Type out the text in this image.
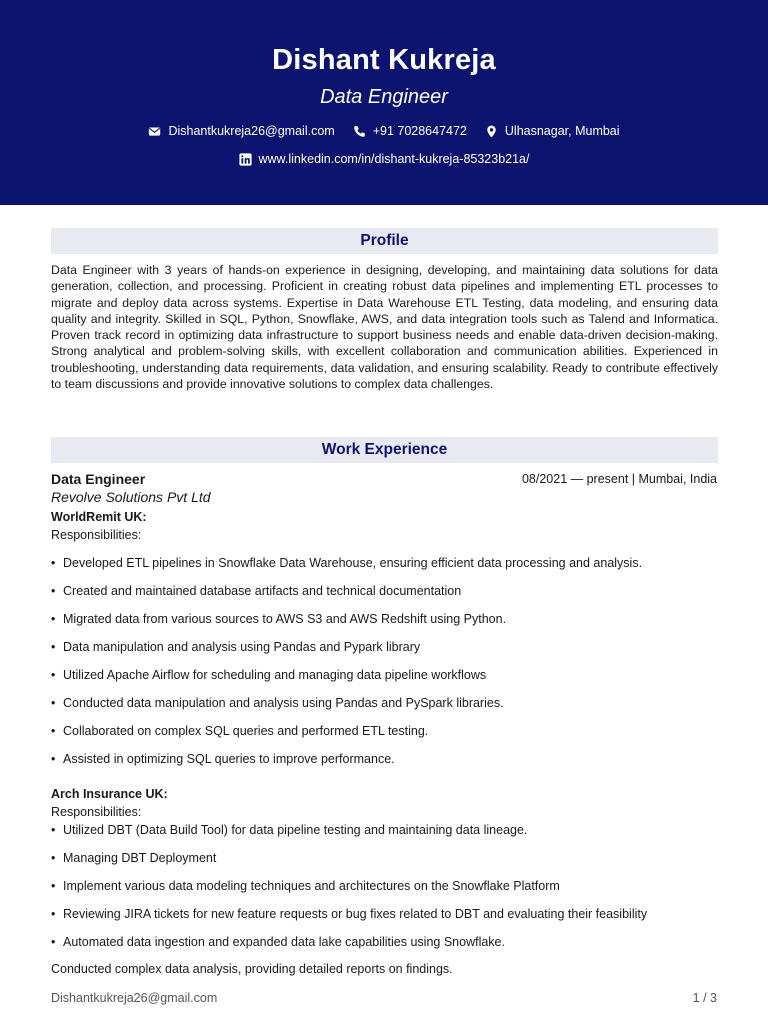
Dishant Kukreja
Data Engineer
Dishantkukreja26@gmail.com	+91 7028647472	Ulhasnagar, Mumbai
www.linkedin.com/in/dishant-kukreja-85323b21a/
Profile
Data Engineer with 3 years of hands-on experience in designing, developing, and maintaining data solutions for data generation, collection, and processing. Proficient in creating robust data pipelines and implementing ETL processes to migrate and deploy data across systems. Expertise in Data Warehouse ETL Testing, data modeling, and ensuring data quality and integrity. Skilled in SQL, Python, Snowflake, AWS, and data integration tools such as Talend and Informatica. Proven track record in optimizing data infrastructure to support business needs and enable data-driven decision-making. Strong analytical and problem-solving skills, with excellent collaboration and communication abilities. Experienced in troubleshooting, understanding data requirements, data validation, and ensuring scalability. Ready to contribute effectively to team discussions and provide innovative solutions to complex data challenges.
Work Experience
Data Engineer	08/2021 — present | Mumbai, India
Revolve Solutions Pvt Ltd
WorldRemit UK:
Responsibilities:
• Developed ETL pipelines in Snowflake Data Warehouse, ensuring efficient data processing and analysis.
• Created and maintained database artifacts and technical documentation
• Migrated data from various sources to AWS S3 and AWS Redshift using Python.
• Data manipulation and analysis using Pandas and Pypark library
• Utilized Apache Airflow for scheduling and managing data pipeline workflows
• Conducted data manipulation and analysis using Pandas and PySpark libraries.
• Collaborated on complex SQL queries and performed ETL testing.
• Assisted in optimizing SQL queries to improve performance.
Arch Insurance UK:
Responsibilities:
• Utilized DBT (Data Build Tool) for data pipeline testing and maintaining data lineage.
• Managing DBT Deployment
• Implement various data modeling techniques and architectures on the Snowflake Platform
• Reviewing JIRA tickets for new feature requests or bug fixes related to DBT and evaluating their feasibility
• Automated data ingestion and expanded data lake capabilities using Snowflake.
Conducted complex data analysis, providing detailed reports on findings.
Dishantkukreja26@gmail.com	1 / 3
